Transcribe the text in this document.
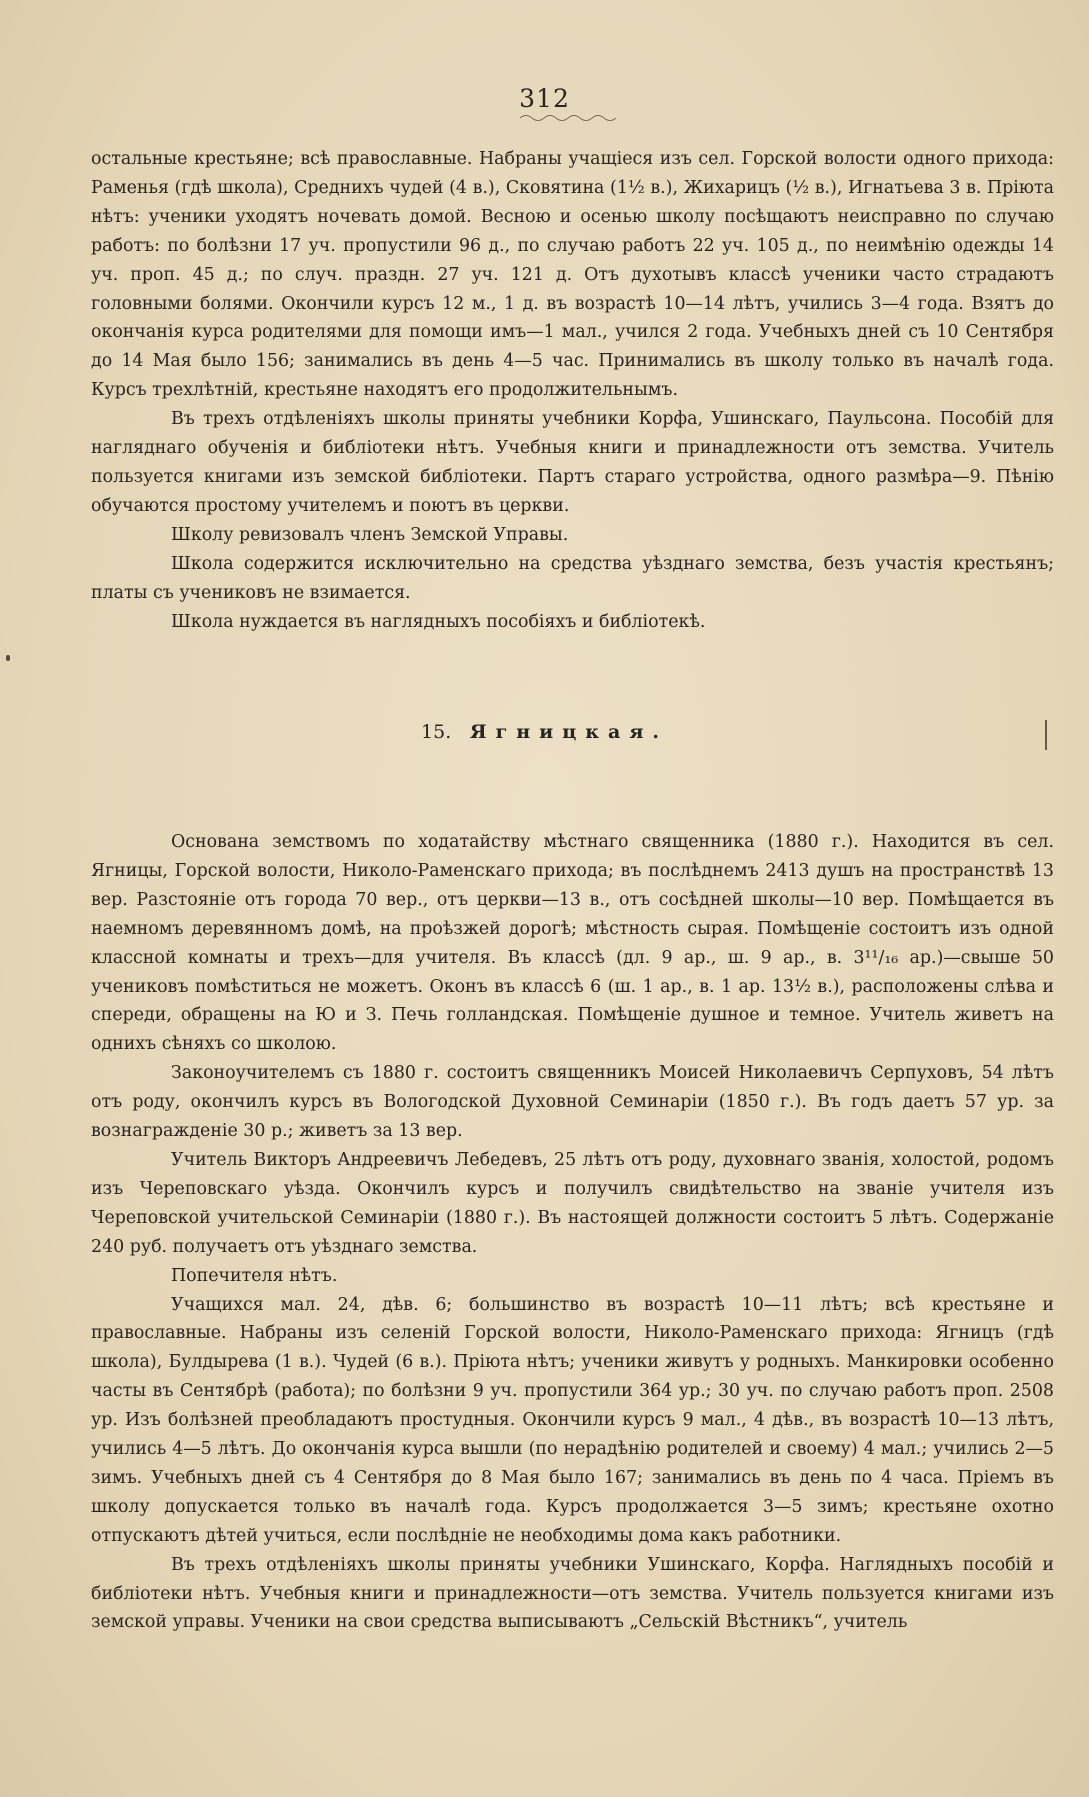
312

остальные крестьяне; всѣ православные. Набраны учащіеся изъ сел. Горской волости одного прихода: Раменья (гдѣ школа), Среднихъ чудей (4 в.), Сковятина (1½ в.), Жихарицъ (½ в.), Игнатьева 3 в. Пріюта нѣтъ: ученики уходятъ ночевать домой. Весною и осенью школу посѣщаютъ неисправно по случаю работъ: по болѣзни 17 уч. пропустили 96 д., по случаю работъ 22 уч. 105 д., по неимѣнію одежды 14 уч. проп. 45 д.; по случ. праздн. 27 уч. 121 д. Отъ духотывъ классѣ ученики часто страдаютъ головными болями. Окончили курсъ 12 м., 1 д. въ возрастѣ 10—14 лѣтъ, учились 3—4 года. Взятъ до окончанія курса родителями для помощи имъ—1 мал., учился 2 года. Учебныхъ дней съ 10 Сентября до 14 Мая было 156; занимались въ день 4—5 час. Принимались въ школу только въ началѣ года. Курсъ трехлѣтній, крестьяне находятъ его продолжительнымъ.

Въ трехъ отдѣленіяхъ школы приняты учебники Корфа, Ушинскаго, Паульсона. Пособій для нагляднаго обученія и библіотеки нѣтъ. Учебныя книги и принадлежности отъ земства. Учитель пользуется книгами изъ земской библіотеки. Партъ стараго устройства, одного размѣра—9. Пѣнію обучаются простому учителемъ и поютъ въ церкви.

Школу ревизовалъ членъ Земской Управы.

Школа содержится исключительно на средства уѣзднаго земства, безъ участія крестьянъ; платы съ учениковъ не взимается.

Школа нуждается въ наглядныхъ пособіяхъ и библіотекѣ.

15. Ягницкая.

Основана земствомъ по ходатайству мѣстнаго священника (1880 г.). Находится въ сел. Ягницы, Горской волости, Николо-Раменскаго прихода; въ послѣднемъ 2413 душъ на пространствѣ 13 вер. Разстояніе отъ города 70 вер., отъ церкви—13 в., отъ сосѣдней школы—10 вер. Помѣщается въ наемномъ деревянномъ домѣ, на проѣзжей дорогѣ; мѣстность сырая. Помѣщеніе состоитъ изъ одной классной комнаты и трехъ—для учителя. Въ классѣ (дл. 9 ар., ш. 9 ар., в. 3¹¹/₁₆ ар.)—свыше 50 учениковъ помѣститься не можетъ. Оконъ въ классѣ 6 (ш. 1 ар., в. 1 ар. 13½ в.), расположены слѣва и спереди, обращены на Ю и З. Печь голландская. Помѣщеніе душное и темное. Учитель живетъ на однихъ сѣняхъ со школою.

Законоучителемъ съ 1880 г. состоитъ священникъ Моисей Николаевичъ Серпуховъ, 54 лѣтъ отъ роду, окончилъ курсъ въ Вологодской Духовной Семинаріи (1850 г.). Въ годъ даетъ 57 ур. за вознагражденіе 30 р.; живетъ за 13 вер.

Учитель Викторъ Андреевичъ Лебедевъ, 25 лѣтъ отъ роду, духовнаго званія, холостой, родомъ изъ Череповскаго уѣзда. Окончилъ курсъ и получилъ свидѣтельство на званіе учителя изъ Череповской учительской Семинаріи (1880 г.). Въ настоящей должности состоитъ 5 лѣтъ. Содержаніе 240 руб. получаетъ отъ уѣзднаго земства.

Попечителя нѣтъ.

Учащихся мал. 24, дѣв. 6; большинство въ возрастѣ 10—11 лѣтъ; всѣ крестьяне и православные. Набраны изъ селеній Горской волости, Николо-Раменскаго прихода: Ягницъ (гдѣ школа), Булдырева (1 в.). Чудей (6 в.). Пріюта нѣтъ; ученики живутъ у родныхъ. Манкировки особенно часты въ Сентябрѣ (работа); по болѣзни 9 уч. пропустили 364 ур.; 30 уч. по случаю работъ проп. 2508 ур. Изъ болѣзней преобладаютъ простудныя. Окончили курсъ 9 мал., 4 дѣв., въ возрастѣ 10—13 лѣтъ, учились 4—5 лѣтъ. До окончанія курса вышли (по нерадѣнію родителей и своему) 4 мал.; учились 2—5 зимъ. Учебныхъ дней съ 4 Сентября до 8 Мая было 167; занимались въ день по 4 часа. Пріемъ въ школу допускается только въ началѣ года. Курсъ продолжается 3—5 зимъ; крестьяне охотно отпускаютъ дѣтей учиться, если послѣдніе не необходимы дома какъ работники.

Въ трехъ отдѣленіяхъ школы приняты учебники Ушинскаго, Корфа. Наглядныхъ пособій и библіотеки нѣтъ. Учебныя книги и принадлежности—отъ земства. Учитель пользуется книгами изъ земской управы. Ученики на свои средства выписываютъ „Сельскій Вѣстникъ“, учитель
